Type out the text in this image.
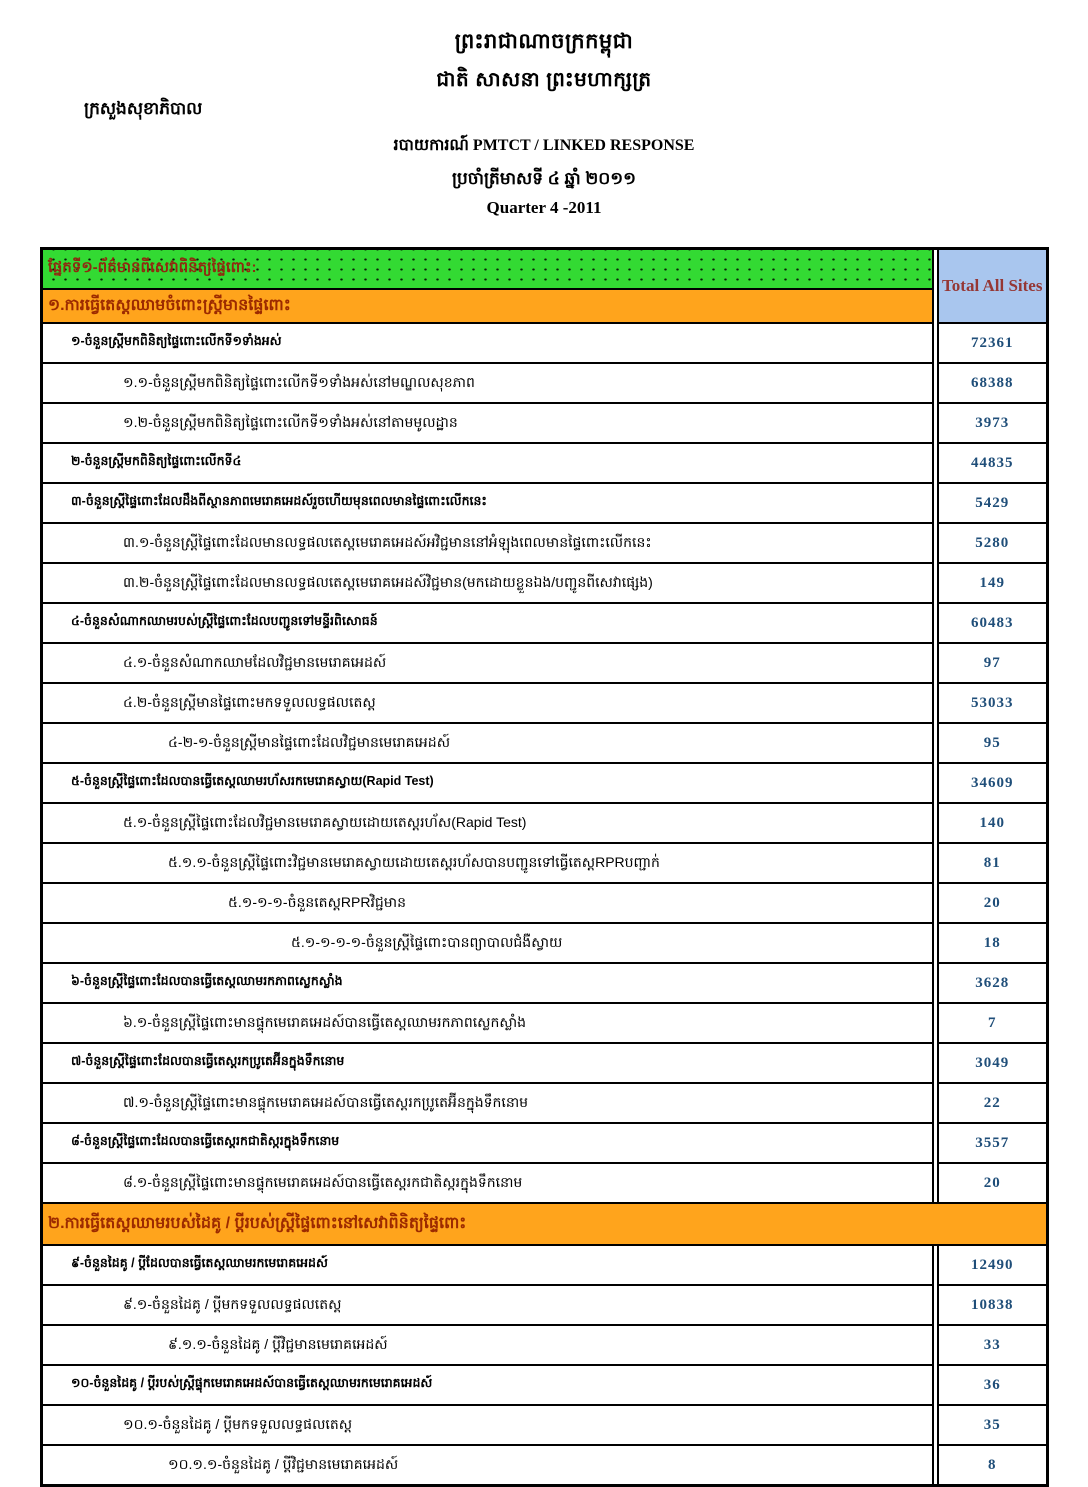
ព្រះរាជាណាចក្រកម្ពុជា
ជាតិ សាសនា ព្រះមហាក្សត្រ
ក្រសួងសុខាភិបាល
របាយការណ៍ PMTCT / LINKED RESPONSE
ប្រចាំត្រីមាសទី ៤ ឆ្នាំ ២០១១
Quarter 4 -2011
ផ្នែកទី១-ព័ត៌មានពីសេវាពិនិត្យផ្ទៃពោះ:		Total All Sites
១.ការធ្វើតេស្តឈាមចំពោះស្រ្តីមានផ្ទៃពោះ		
១-ចំនួនស្រ្តីមកពិនិត្យផ្ទៃពោះលើកទី១ទាំងអស់		72361
១.១-ចំនួនស្រ្តីមកពិនិត្យផ្ទៃពោះលើកទី១ទាំងអស់នៅមណ្ឌលសុខភាព		68388
១.២-ចំនួនស្រ្តីមកពិនិត្យផ្ទៃពោះលើកទី១ទាំងអស់នៅតាមមូលដ្ឋាន		3973
២-ចំនួនស្រ្តីមកពិនិត្យផ្ទៃពោះលើកទី៤		44835
៣-ចំនួនស្រ្តីផ្ទៃពោះដែលដឹងពីស្ថានភាពមេរោគអេដស៍រួចហើយមុនពេលមានផ្ទៃពោះលើកនេះ		5429
៣.១-ចំនួនស្រ្តីផ្ទៃពោះដែលមានលទ្ធផលតេស្តមេរោគអេដស៍អវិជ្ជមាននៅអំឡុងពេលមានផ្ទៃពោះលើកនេះ		5280
៣.២-ចំនួនស្រ្តីផ្ទៃពោះដែលមានលទ្ធផលតេស្តមេរោគអេដស៍វិជ្ជមាន(មកដោយខ្លួនឯង/បញ្ជូនពីសេវាផ្សេង)		149
៤-ចំនួនសំណាកឈាមរបស់ស្រ្តីផ្ទៃពោះដែលបញ្ជូនទៅមន្ទីរពិសោធន៍		60483
៤.១-ចំនួនសំណាកឈាមដែលវិជ្ជមានមេរោគអេដស៍		97
៤.២-ចំនួនស្រ្តីមានផ្ទៃពោះមកទទួលលទ្ធផលតេស្ត		53033
៤-២-១-ចំនួនស្រ្តីមានផ្ទៃពោះដែលវិជ្ជមានមេរោគអេដស៍		95
៥-ចំនួនស្រ្តីផ្ទៃពោះដែលបានធ្វើតេស្តឈាមរហ័សរកមេរោគស្វាយ(Rapid Test)		34609
៥.១-ចំនួនស្រ្តីផ្ទៃពោះដែលវិជ្ជមានមេរោគស្វាយដោយតេស្តរហ័ស(Rapid Test)		140
៥.១.១-ចំនួនស្រ្តីផ្ទៃពោះវិជ្ជមានមេរោគស្វាយដោយតេស្តរហ័សបានបញ្ជូនទៅធ្វើតេស្តRPRបញ្ជាក់		81
៥.១-១-១-ចំនួនតេស្តRPRវិជ្ជមាន		20
៥.១-១-១-១-ចំនួនស្រ្តីផ្ទៃពោះបានព្យាបាលជំងឺស្វាយ		18
៦-ចំនួនស្រ្តីផ្ទៃពោះដែលបានធ្វើតេស្តឈាមរកភាពស្លេកស្លាំង		3628
៦.១-ចំនួនស្រ្តីផ្ទៃពោះមានផ្ទុកមេរោគអេដស៍បានធ្វើតេស្តឈាមរកភាពស្លេកស្លាំង		7
៧-ចំនួនស្រ្តីផ្ទៃពោះដែលបានធ្វើតេស្តរកប្រូតេអ៊ីនក្នុងទឹកនោម		3049
៧.១-ចំនួនស្រ្តីផ្ទៃពោះមានផ្ទុកមេរោគអេដស៍បានធ្វើតេស្តរកប្រូតេអ៊ីនក្នុងទឹកនោម		22
៨-ចំនួនស្រ្តីផ្ទៃពោះដែលបានធ្វើតេស្តរកជាតិស្ករក្នុងទឹកនោម		3557
៨.១-ចំនួនស្រ្តីផ្ទៃពោះមានផ្ទុកមេរោគអេដស៍បានធ្វើតេស្តរកជាតិស្ករក្នុងទឹកនោម		20
២.ការធ្វើតេស្តឈាមរបស់ដៃគូ / ប្តីរបស់ស្រ្តីផ្ទៃពោះនៅសេវាពិនិត្យផ្ទៃពោះ		
៩-ចំនួនដៃគូ / ប្តីដែលបានធ្វើតេស្តឈាមរកមេរោគអេដស៍		12490
៩.១-ចំនួនដៃគូ / ប្តីមកទទួលលទ្ធផលតេស្ត		10838
៩.១.១-ចំនួនដៃគូ / ប្តីវិជ្ជមានមេរោគអេដស៍		33
១០-ចំនួនដៃគូ / ប្តីរបស់ស្រ្តីផ្ទុកមេរោគអេដស៍បានធ្វើតេស្តឈាមរកមេរោគអេដស៍		36
១០.១-ចំនួនដៃគូ / ប្តីមកទទួលលទ្ធផលតេស្ត		35
១០.១.១-ចំនួនដៃគូ / ប្តីវិជ្ជមានមេរោគអេដស៍		8
